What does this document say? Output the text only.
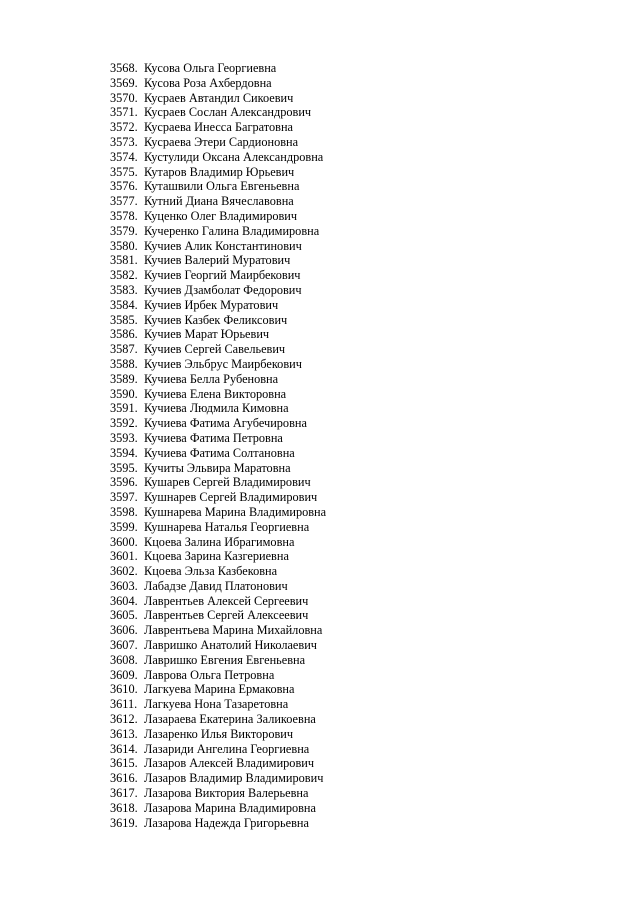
3568. Кусова Ольга Георгиевна
3569. Кусова Роза Ахбердовна
3570. Кусраев Автандил Сикоевич
3571. Кусраев Сослан Александрович
3572. Кусраева Инесса Багратовна
3573. Кусраева Этери Сардионовна
3574. Кустулиди Оксана Александровна
3575. Кутаров Владимир Юрьевич
3576. Куташвили Ольга Евгеньевна
3577. Кутний Диана Вячеславовна
3578. Куценко Олег Владимирович
3579. Кучеренко Галина Владимировна
3580. Кучиев Алик Константинович
3581. Кучиев Валерий Муратович
3582. Кучиев Георгий Маирбекович
3583. Кучиев Дзамболат Федорович
3584. Кучиев Ирбек Муратович
3585. Кучиев Казбек Феликсович
3586. Кучиев Марат Юрьевич
3587. Кучиев Сергей Савельевич
3588. Кучиев Эльбрус Маирбекович
3589. Кучиева Белла Рубеновна
3590. Кучиева Елена Викторовна
3591. Кучиева Людмила Кимовна
3592. Кучиева Фатима Агубечировна
3593. Кучиева Фатима Петровна
3594. Кучиева Фатима Солтановна
3595. Кучиты Эльвира Маратовна
3596. Кушарев Сергей Владимирович
3597. Кушнарев Сергей Владимирович
3598. Кушнарева Марина Владимировна
3599. Кушнарева Наталья Георгиевна
3600. Кцоева Залина Ибрагимовна
3601. Кцоева Зарина Казгериевна
3602. Кцоева Эльза Казбековна
3603. Лабадзе Давид Платонович
3604. Лаврентьев Алексей Сергеевич
3605. Лаврентьев Сергей Алексеевич
3606. Лаврентьева Марина Михайловна
3607. Лавришко Анатолий Николаевич
3608. Лавришко Евгения Евгеньевна
3609. Лаврова Ольга Петровна
3610. Лагкуева Марина Ермаковна
3611. Лагкуева Нона Тазаретовна
3612. Лазараева Екатерина Заликоевна
3613. Лазаренко Илья Викторович
3614. Лазариди Ангелина Георгиевна
3615. Лазаров Алексей Владимирович
3616. Лазаров Владимир Владимирович
3617. Лазарова Виктория Валерьевна
3618. Лазарова Марина Владимировна
3619. Лазарова Надежда Григорьевна
